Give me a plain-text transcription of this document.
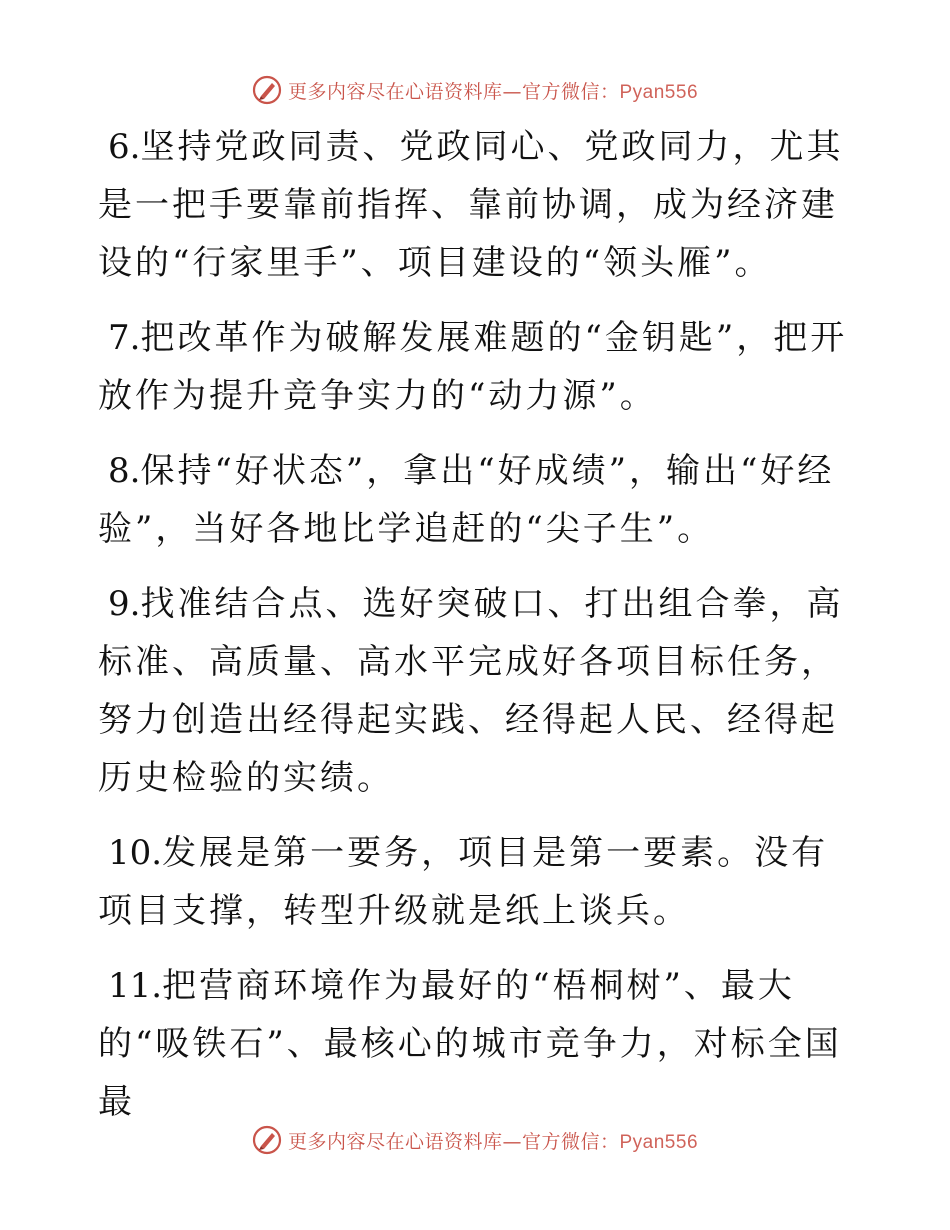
更多内容尽在心语资料库—官方微信：Pyan556

6.坚持党政同责、党政同心、党政同力，尤其是一把手要靠前指挥、靠前协调，成为经济建设的“行家里手”、项目建设的“领头雁”。

7.把改革作为破解发展难题的“金钥匙”，把开放作为提升竞争实力的“动力源”。

8.保持“好状态”，拿出“好成绩”，输出“好经验”，当好各地比学追赶的“尖子生”。

9.找准结合点、选好突破口、打出组合拳，高标准、高质量、高水平完成好各项目标任务，努力创造出经得起实践、经得起人民、经得起历史检验的实绩。

10.发展是第一要务，项目是第一要素。没有项目支撑，转型升级就是纸上谈兵。

11.把营商环境作为最好的“梧桐树”、最大的“吸铁石”、最核心的城市竞争力，对标全国最

更多内容尽在心语资料库—官方微信：Pyan556
